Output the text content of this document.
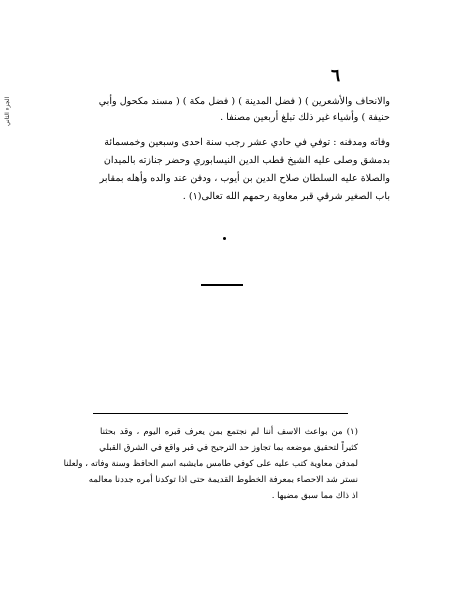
الجزء الثاني
٦
والانحاف والأشعرين ) ( فضل المدينة ) ( فضل مكة ) ( مسند مكحول وأبي
حنيفة ) وأشياء غير ذلك تبلغ أربعين مصنفا .
وفاته ومدفنه : توفي في حادي عشر رجب سنة احدى وسبعين وخمسمائة
بدمشق وصلى عليه الشيخ قطب الدين النيسابوري وحضر جنازته بالميدان
والصلاة عليه السلطان صلاح الدين بن أيوب ، ودفن عند والده وأهله بمقابر
باب الصغير شرقي قبر معاوية رحمهم الله تعالى(١) .
(١) من بواعث الاسف أننا لم نجتمع بمن يعرف قبره اليوم ، وقد بحثنا
كثيراً لتحقيق موضعه بما تجاوز حد الترجيح في قبر واقع في الشرق القبلي
لمدفن معاوية كتب عليه على كوفي طامس مايشبه اسم الحافظ وسنة وفاته ، ولعلنا
نستر شد الاحصاء بمعرفة الخطوط القديمة حتى اذا توكدنا أمره جددنا معالمه
اذ ذاك مما سبق مضيها .
